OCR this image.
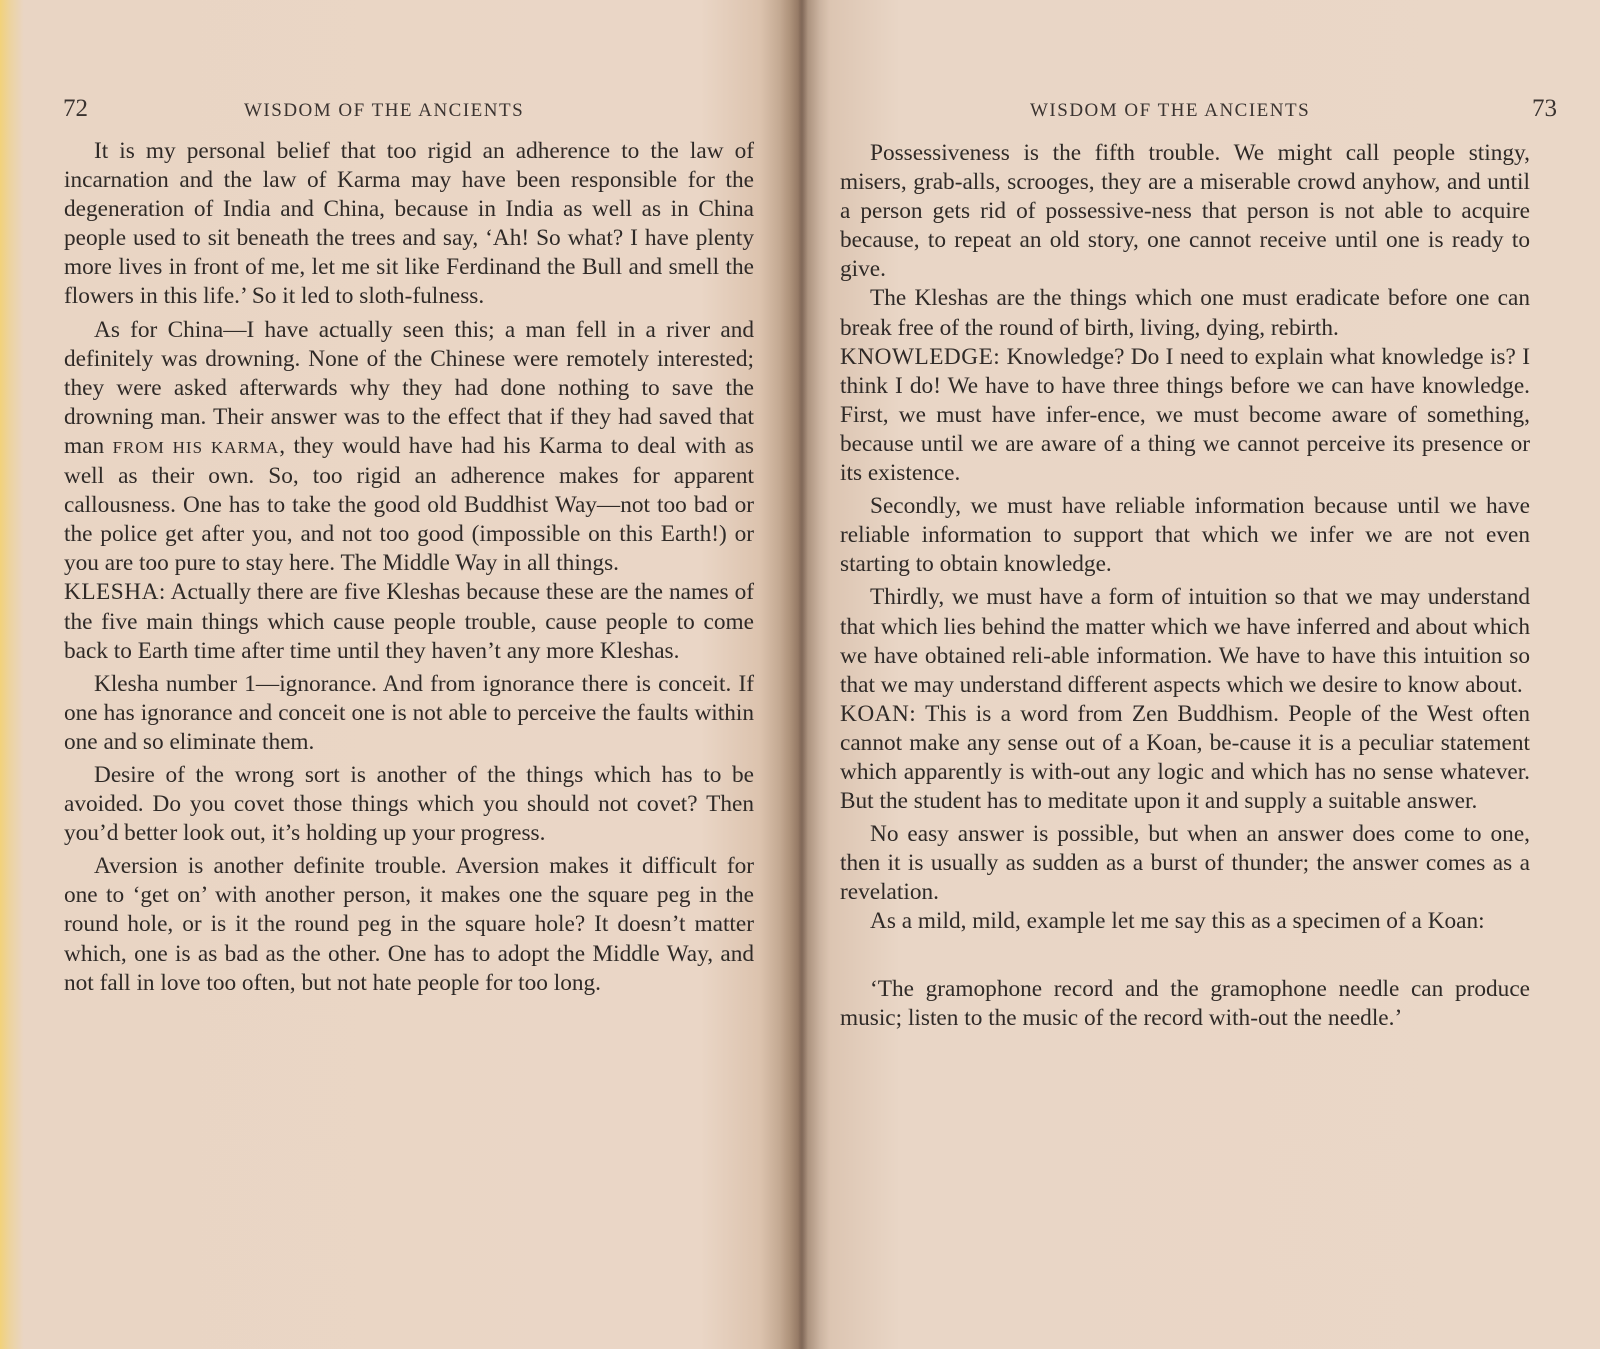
72	WISDOM OF THE ANCIENTS

It is my personal belief that too rigid an adherence to the law of incarnation and the law of Karma may have been responsible for the degeneration of India and China, because in India as well as in China people used to sit beneath the trees and say, ‘Ah! So what? I have plenty more lives in front of me, let me sit like Ferdinand the Bull and smell the flowers in this life.’ So it led to sloth-fulness.

As for China—I have actually seen this; a man fell in a river and definitely was drowning. None of the Chinese were remotely interested; they were asked afterwards why they had done nothing to save the drowning man. Their answer was to the effect that if they had saved that man FROM HIS KARMA, they would have had his Karma to deal with as well as their own. So, too rigid an adherence makes for apparent callousness. One has to take the good old Buddhist Way—not too bad or the police get after you, and not too good (impossible on this Earth!) or you are too pure to stay here. The Middle Way in all things.

KLESHA: Actually there are five Kleshas because these are the names of the five main things which cause people trouble, cause people to come back to Earth time after time until they haven’t any more Kleshas.

Klesha number 1—ignorance. And from ignorance there is conceit. If one has ignorance and conceit one is not able to perceive the faults within one and so eliminate them.

Desire of the wrong sort is another of the things which has to be avoided. Do you covet those things which you should not covet? Then you’d better look out, it’s holding up your progress.

Aversion is another definite trouble. Aversion makes it difficult for one to ‘get on’ with another person, it makes one the square peg in the round hole, or is it the round peg in the square hole? It doesn’t matter which, one is as bad as the other. One has to adopt the Middle Way, and not fall in love too often, but not hate people for too long.

WISDOM OF THE ANCIENTS	73

Possessiveness is the fifth trouble. We might call people stingy, misers, grab-alls, scrooges, they are a miserable crowd anyhow, and until a person gets rid of possessive-ness that person is not able to acquire because, to repeat an old story, one cannot receive until one is ready to give.

The Kleshas are the things which one must eradicate before one can break free of the round of birth, living, dying, rebirth.

KNOWLEDGE: Knowledge? Do I need to explain what knowledge is? I think I do! We have to have three things before we can have knowledge. First, we must have infer-ence, we must become aware of something, because until we are aware of a thing we cannot perceive its presence or its existence.

Secondly, we must have reliable information because until we have reliable information to support that which we infer we are not even starting to obtain knowledge.

Thirdly, we must have a form of intuition so that we may understand that which lies behind the matter which we have inferred and about which we have obtained reli-able information. We have to have this intuition so that we may understand different aspects which we desire to know about.

KOAN: This is a word from Zen Buddhism. People of the West often cannot make any sense out of a Koan, be-cause it is a peculiar statement which apparently is with-out any logic and which has no sense whatever. But the student has to meditate upon it and supply a suitable answer.

No easy answer is possible, but when an answer does come to one, then it is usually as sudden as a burst of thunder; the answer comes as a revelation.

As a mild, mild, example let me say this as a specimen of a Koan:

‘The gramophone record and the gramophone needle can produce music; listen to the music of the record with-out the needle.’
